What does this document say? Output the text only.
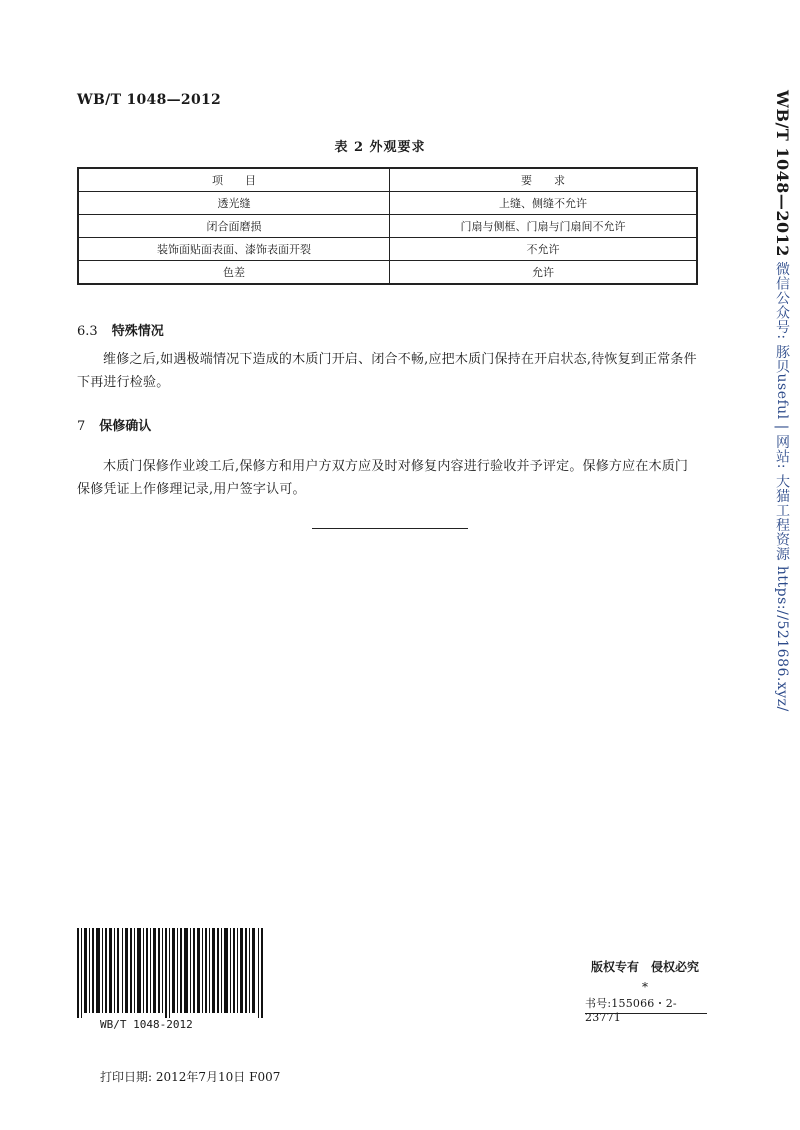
WB/T 1048—2012
表 2 外观要求
项　　目	要　　求
透光缝	上缝、侧缝不允许
闭合面磨损	门扇与侧框、门扇与门扇间不允许
装饰面贴面表面、漆饰表面开裂	不允许
色差	允许
6.3 特殊情况
维修之后,如遇极端情况下造成的木质门开启、闭合不畅,应把木质门保持在开启状态,待恢复到正常条件下再进行检验。
7 保修确认
木质门保修作业竣工后,保修方和用户方双方应及时对修复内容进行验收并予评定。保修方应在木质门保修凭证上作修理记录,用户签字认可。
WB/T 1048—2012 微信公众号: 豚贝useful | 网站: 大猫工程资源 https://521686.xyz/
WB/T 1048-2012
版权专有　侵权必究
*
书号:155066・2-23771
打印日期: 2012年7月10日 F007
